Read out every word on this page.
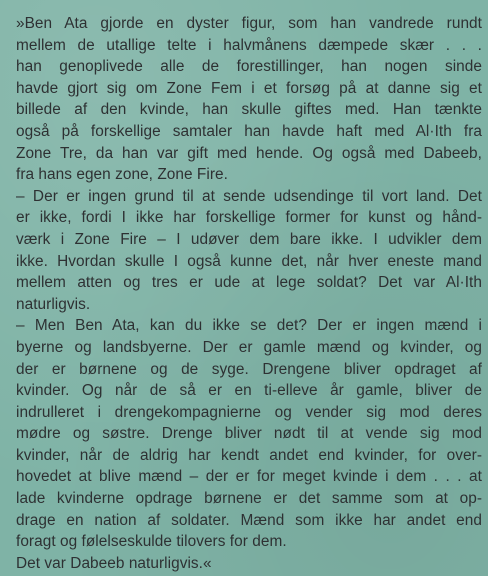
»Ben Ata gjorde en dyster figur, som han vandrede rundt
mellem de utallige telte i halvmånens dæmpede skær . . .
han genoplivede alle de forestillinger, han nogen sinde
havde gjort sig om Zone Fem i et forsøg på at danne sig et
billede af den kvinde, han skulle giftes med. Han tænkte
også på forskellige samtaler han havde haft med Al·Ith fra
Zone Tre, da han var gift med hende. Og også med Dabeeb,
fra hans egen zone, Zone Fire.
– Der er ingen grund til at sende udsendinge til vort land. Det
er ikke, fordi I ikke har forskellige former for kunst og hånd-
værk i Zone Fire – I udøver dem bare ikke. I udvikler dem
ikke. Hvordan skulle I også kunne det, når hver eneste mand
mellem atten og tres er ude at lege soldat? Det var Al·Ith
naturligvis.
– Men Ben Ata, kan du ikke se det? Der er ingen mænd i
byerne og landsbyerne. Der er gamle mænd og kvinder, og
der er børnene og de syge. Drengene bliver opdraget af
kvinder. Og når de så er en ti-elleve år gamle, bliver de
indrulleret i drengekompagnierne og vender sig mod deres
mødre og søstre. Drenge bliver nødt til at vende sig mod
kvinder, når de aldrig har kendt andet end kvinder, for over-
hovedet at blive mænd – der er for meget kvinde i dem . . . at
lade kvinderne opdrage børnene er det samme som at op-
drage en nation af soldater. Mænd som ikke har andet end
foragt og følelseskulde tilovers for dem.
Det var Dabeeb naturligvis.«
